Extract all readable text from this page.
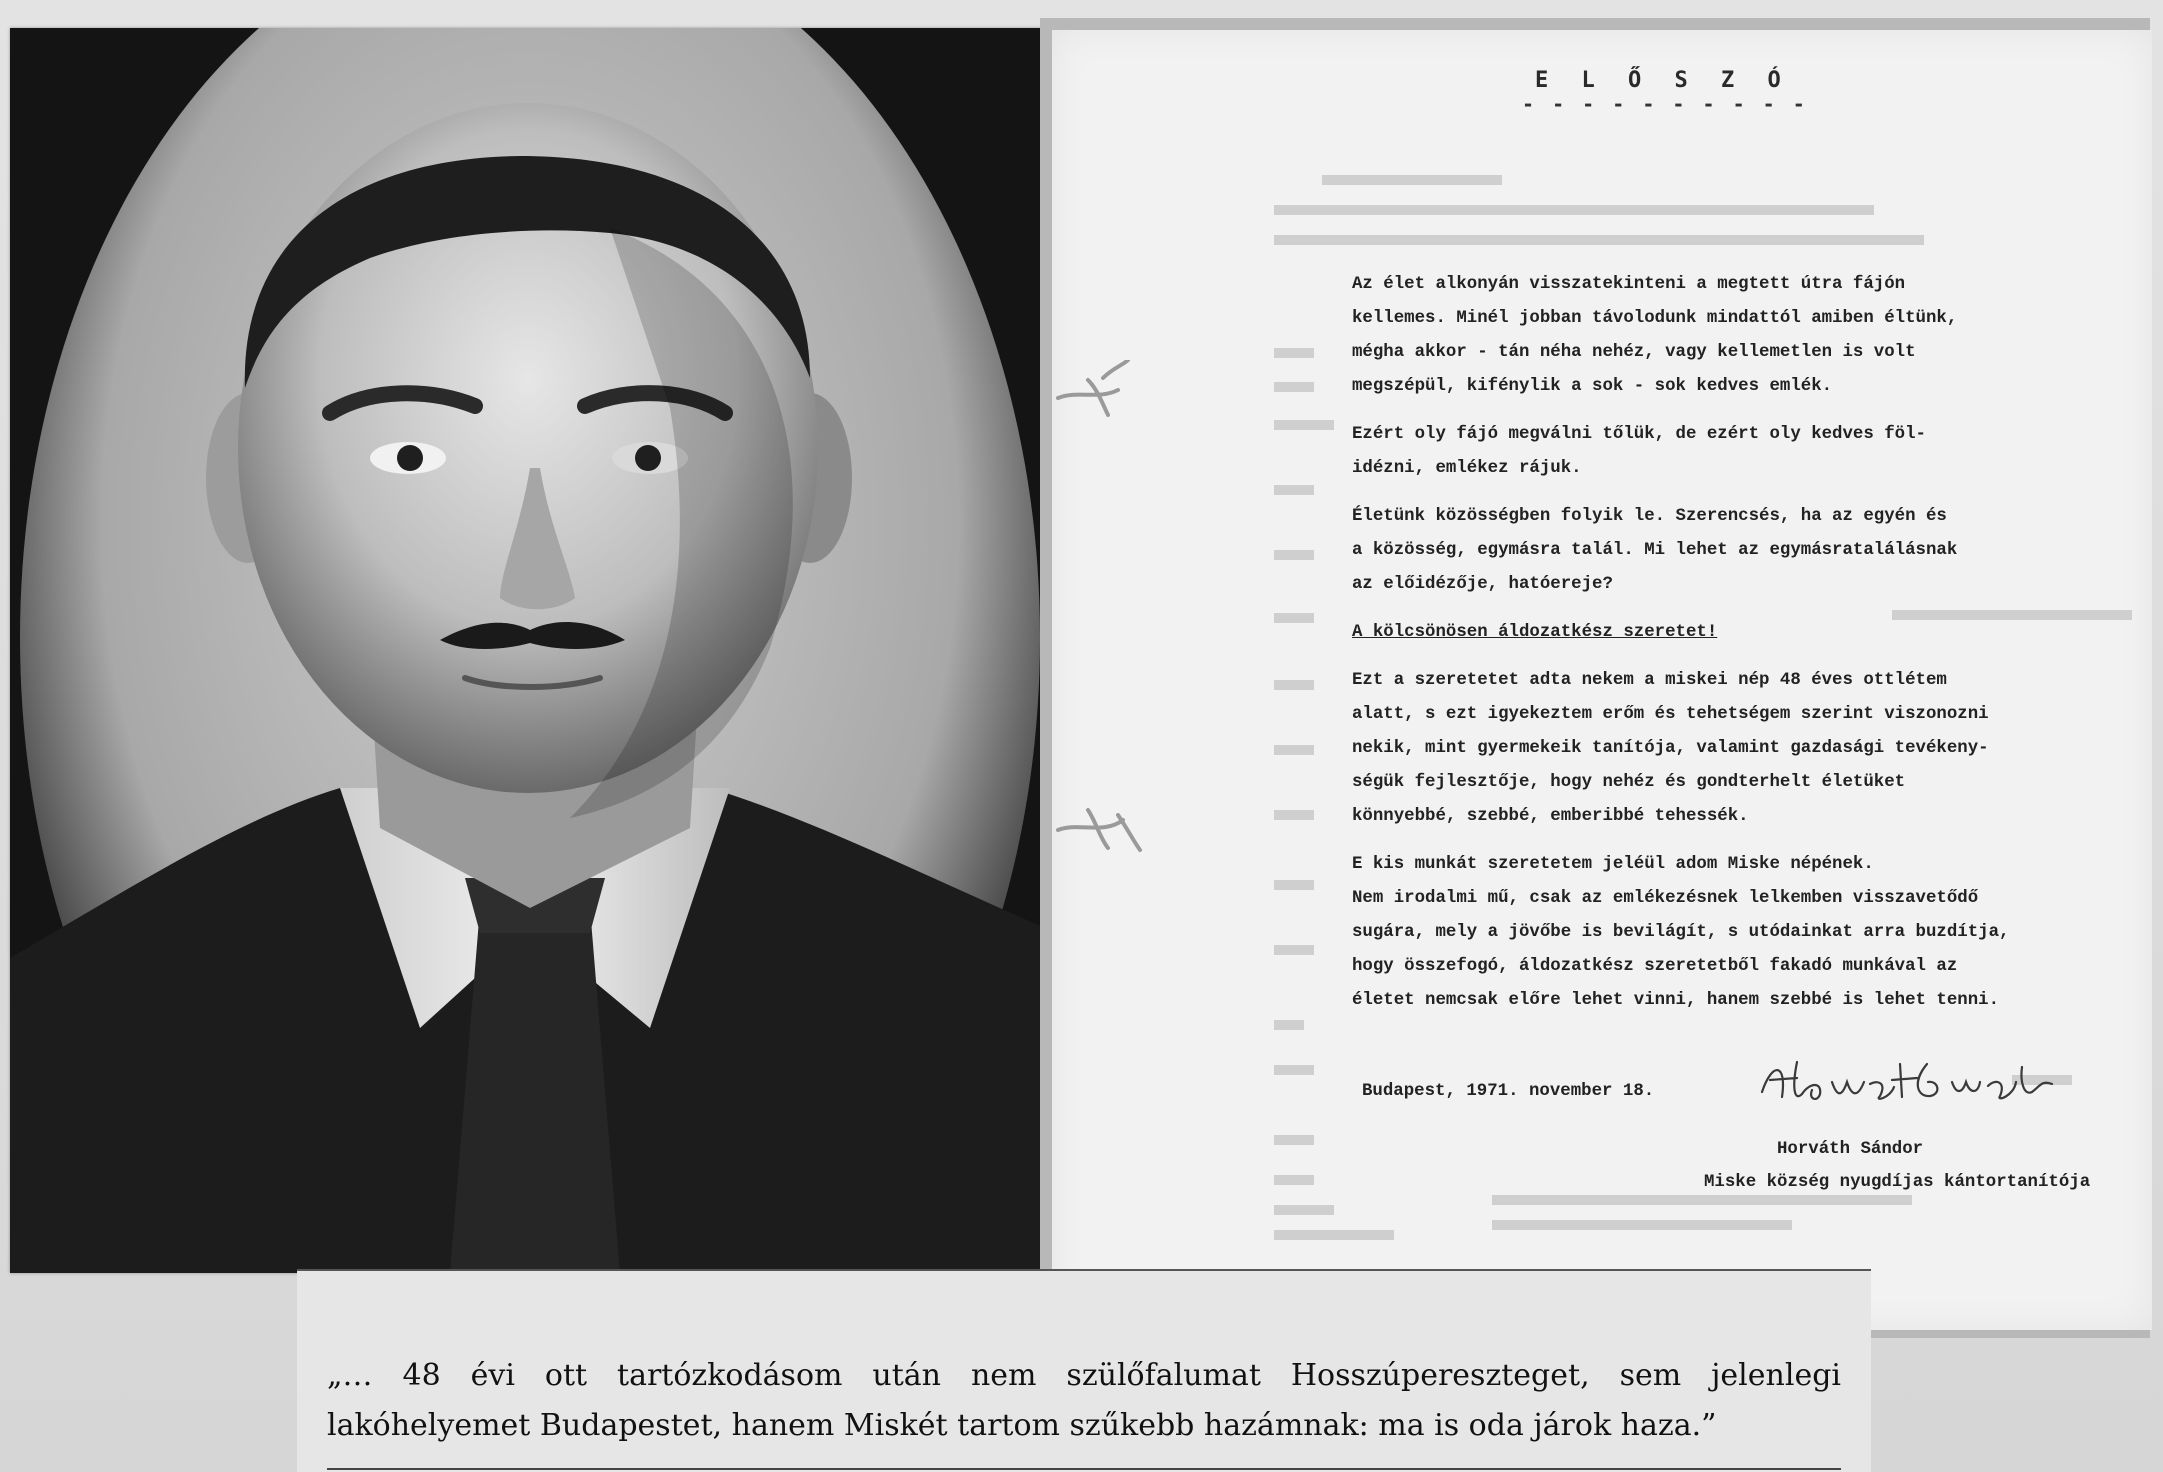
E L Ő S Z Ó
- - - - - - - - - -
Az élet alkonyán visszatekinteni a megtett útra fájón
kellemes. Minél jobban távolodunk mindattól amiben éltünk,
mégha akkor - tán néha nehéz, vagy kellemetlen is volt
megszépül, kifénylik a sok - sok kedves emlék.
Ezért oly fájó megválni tőlük, de ezért oly kedves föl-
idézni, emlékez rájuk.
Életünk közösségben folyik le. Szerencsés, ha az egyén és
a közösség, egymásra talál. Mi lehet az egymásratalálásnak
az előidézője, hatóereje?
A kölcsönösen áldozatkész szeretet!
Ezt a szeretetet adta nekem a miskei nép 48 éves ottlétem
alatt, s ezt igyekeztem erőm és tehetségem szerint viszonozni
nekik, mint gyermekeik tanítója, valamint gazdasági tevékeny-
ségük fejlesztője, hogy nehéz és gondterhelt életüket
könnyebbé, szebbé, emberibbé tehessék.
E kis munkát szeretetem jeléül adom Miske népének.
Nem irodalmi mű, csak az emlékezésnek lelkemben visszavetődő
sugára, mely a jövőbe is bevilágít, s utódainkat arra buzdítja,
hogy összefogó, áldozatkész szeretetből fakadó munkával az
életet nemcsak előre lehet vinni, hanem szebbé is lehet tenni.
Budapest, 1971. november 18.
Horváth Sándor
Miske község nyugdíjas kántortanítója
„… 48 évi ott tartózkodásom után nem szülőfalumat Hosszúpereszteget, sem jelenlegi lakóhelyemet Budapestet, hanem Miskét tartom szűkebb hazámnak: ma is oda járok haza.”
